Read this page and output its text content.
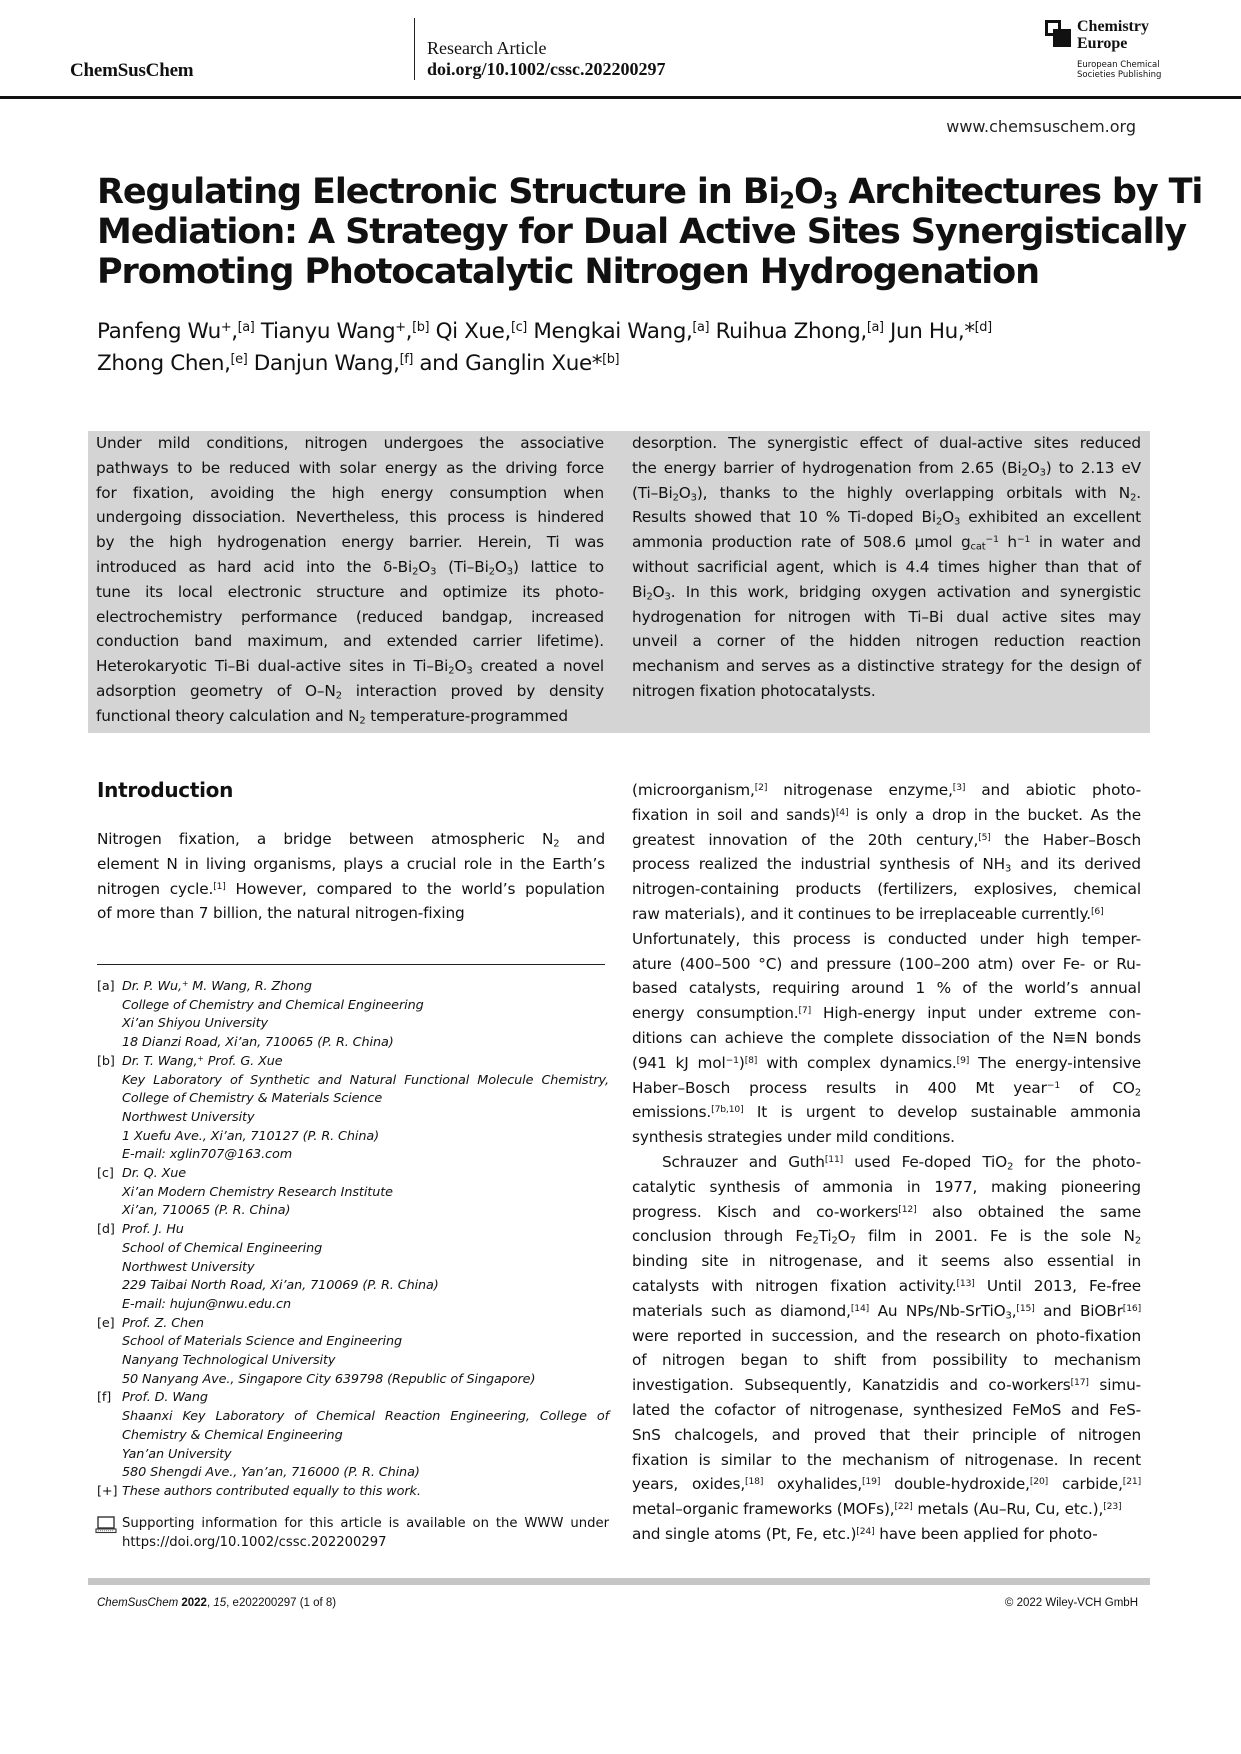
ChemSusChem
Research Article
doi.org/10.1002/cssc.202200297
Chemistry
Europe
European Chemical
Societies Publishing
www.chemsuschem.org
Regulating Electronic Structure in $Bi_2O_3$ Architectures by Ti
Mediation: A Strategy for Dual Active Sites Synergistically
Promoting Photocatalytic Nitrogen Hydrogenation
Panfeng Wu+,[a] Tianyu Wang+,[b] Qi Xue,[c] Mengkai Wang,[a] Ruihua Zhong,[a] Jun Hu,*[d]
Zhong Chen,[e] Danjun Wang,[f] and Ganglin Xue*[b]
Under mild conditions, nitrogen undergoes the associative
pathways to be reduced with solar energy as the driving force
for fixation, avoiding the high energy consumption when
undergoing dissociation. Nevertheless, this process is hindered
by the high hydrogenation energy barrier. Herein, Ti was
introduced as hard acid into the $\delta-Bi_2O_3$ $(Ti-Bi_2O_3)$ lattice to
tune its local electronic structure and optimize its photo-
electrochemistry performance (reduced bandgap, increased
conduction band maximum, and extended carrier lifetime).
Heterokaryotic Ti–Bi dual-active sites in $Ti-Bi_2O_3$ created a novel
adsorption geometry of $O-N_2$ interaction proved by density
functional theory calculation and $N_2$ temperature-programmed
desorption. The synergistic effect of dual-active sites reduced
the energy barrier of hydrogenation from 2.65 $(Bi_2O_3)$ to 2.13 eV
$(Ti-Bi_2O_3)$, thanks to the highly overlapping orbitals with $N_2$.
Results showed that 10 % Ti-doped $Bi_2O_3$ exhibited an excellent
ammonia production rate of 508.6 µmol $g_{cat}^{-1}$ $h^{-1}$ in water and
without sacrificial agent, which is 4.4 times higher than that of
$Bi_2O_3$. In this work, bridging oxygen activation and synergistic
hydrogenation for nitrogen with Ti–Bi dual active sites may
unveil a corner of the hidden nitrogen reduction reaction
mechanism and serves as a distinctive strategy for the design of
nitrogen fixation photocatalysts.
Introduction
Nitrogen fixation, a bridge between atmospheric $N_2$ and
element N in living organisms, plays a crucial role in the Earth’s
nitrogen cycle.[1] However, compared to the world’s population
of more than 7 billion, the natural nitrogen-fixing
(microorganism,[2] nitrogenase enzyme,[3] and abiotic photo-
fixation in soil and sands)[4] is only a drop in the bucket. As the
greatest innovation of the 20th century,[5] the Haber–Bosch
process realized the industrial synthesis of $NH_3$ and its derived
nitrogen-containing products (fertilizers, explosives, chemical
raw materials), and it continues to be irreplaceable currently.[6]
Unfortunately, this process is conducted under high temper-
ature (400–500 °C) and pressure (100–200 atm) over Fe- or Ru-
based catalysts, requiring around 1 % of the world’s annual
energy consumption.[7] High-energy input under extreme con-
ditions can achieve the complete dissociation of the N≡N bonds
(941 kJ mol$^{-1}$)[8] with complex dynamics.[9] The energy-intensive
Haber–Bosch process results in 400 Mt year$^{-1}$ of $CO_2$
emissions.[7b,10] It is urgent to develop sustainable ammonia
synthesis strategies under mild conditions.
Schrauzer and Guth[11] used Fe-doped TiO$_2$ for the photo-
catalytic synthesis of ammonia in 1977, making pioneering
progress. Kisch and co-workers[12] also obtained the same
conclusion through $Fe_2Ti_2O_7$ film in 2001. Fe is the sole $N_2$
binding site in nitrogenase, and it seems also essential in
catalysts with nitrogen fixation activity.[13] Until 2013, Fe-free
materials such as diamond,[14] Au NPs/Nb-SrTiO$_3$,[15] and BiOBr[16]
were reported in succession, and the research on photo-fixation
of nitrogen began to shift from possibility to mechanism
investigation. Subsequently, Kanatzidis and co-workers[17] simu-
lated the cofactor of nitrogenase, synthesized FeMoS and FeS-
SnS chalcogels, and proved that their principle of nitrogen
fixation is similar to the mechanism of nitrogenase. In recent
years, oxides,[18] oxyhalides,[19] double-hydroxide,[20] carbide,[21]
metal–organic frameworks (MOFs),[22] metals (Au–Ru, Cu, etc.),[23]
and single atoms (Pt, Fe, etc.)[24] have been applied for photo-
[a] Dr. P. Wu,+ M. Wang, R. Zhong
College of Chemistry and Chemical Engineering
Xi’an Shiyou University
18 Dianzi Road, Xi’an, 710065 (P. R. China)
[b] Dr. T. Wang,+ Prof. G. Xue
Key Laboratory of Synthetic and Natural Functional Molecule Chemistry,
College of Chemistry & Materials Science
Northwest University
1 Xuefu Ave., Xi’an, 710127 (P. R. China)
E-mail: xglin707@163.com
[c] Dr. Q. Xue
Xi’an Modern Chemistry Research Institute
Xi’an, 710065 (P. R. China)
[d] Prof. J. Hu
School of Chemical Engineering
Northwest University
229 Taibai North Road, Xi’an, 710069 (P. R. China)
E-mail: hujun@nwu.edu.cn
[e] Prof. Z. Chen
School of Materials Science and Engineering
Nanyang Technological University
50 Nanyang Ave., Singapore City 639798 (Republic of Singapore)
[f] Prof. D. Wang
Shaanxi Key Laboratory of Chemical Reaction Engineering, College of
Chemistry & Chemical Engineering
Yan’an University
580 Shengdi Ave., Yan’an, 716000 (P. R. China)
[+] These authors contributed equally to this work.
Supporting information for this article is available on the WWW under
https://doi.org/10.1002/cssc.202200297
ChemSusChem 2022, 15, e202200297 (1 of 8)	© 2022 Wiley-VCH GmbH
